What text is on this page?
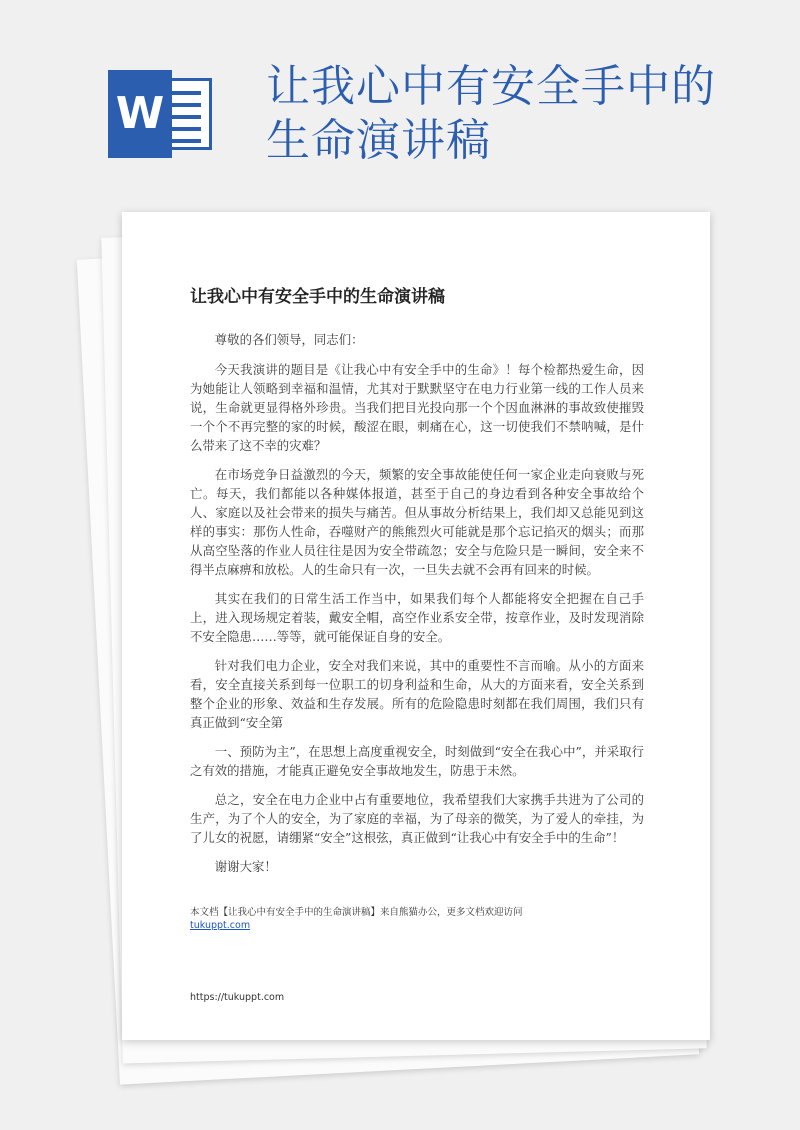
W
让我心中有安全手中的生命演讲稿
让我心中有安全手中的生命演讲稿

尊敬的各们领导，同志们：

今天我演讲的题目是《让我心中有安全手中的生命》！每个检都热爱生命，因为她能让人领略到幸福和温情，尤其对于默默坚守在电力行业第一线的工作人员来说，生命就更显得格外珍贵。当我们把目光投向那一个个因血淋淋的事故致使摧毁一个个不再完整的家的时候，酸涩在眼，刺痛在心，这一切使我们不禁呐喊，是什么带来了这不幸的灾难？

在市场竞争日益激烈的今天，频繁的安全事故能使任何一家企业走向衰败与死亡。每天，我们都能以各种媒体报道，甚至于自己的身边看到各种安全事故给个人、家庭以及社会带来的损失与痛苦。但从事故分析结果上，我们却又总能见到这样的事实：那伤人性命，吞噬财产的熊熊烈火可能就是那个忘记掐灭的烟头；而那从高空坠落的作业人员往往是因为安全带疏忽；安全与危险只是一瞬间，安全来不得半点麻痹和放松。人的生命只有一次，一旦失去就不会再有回来的时候。

其实在我们的日常生活工作当中，如果我们每个人都能将安全把握在自己手上，进入现场规定着装，戴安全帽，高空作业系安全带，按章作业，及时发现消除不安全隐患……等等，就可能保证自身的安全。

针对我们电力企业，安全对我们来说，其中的重要性不言而喻。从小的方面来看，安全直接关系到每一位职工的切身利益和生命，从大的方面来看，安全关系到整个企业的形象、效益和生存发展。所有的危险隐患时刻都在我们周围，我们只有真正做到“安全第

一、预防为主”，在思想上高度重视安全，时刻做到“安全在我心中”，并采取行之有效的措施，才能真正避免安全事故地发生，防患于未然。

总之，安全在电力企业中占有重要地位，我希望我们大家携手共进为了公司的生产，为了个人的安全，为了家庭的幸福，为了母亲的微笑，为了爱人的牵挂，为了儿女的祝愿，请绷紧“安全”这根弦，真正做到“让我心中有安全手中的生命”！

谢谢大家！

本文档【让我心中有安全手中的生命演讲稿】来自熊猫办公，更多文档欢迎访问
tukuppt.com
https://tukuppt.com
